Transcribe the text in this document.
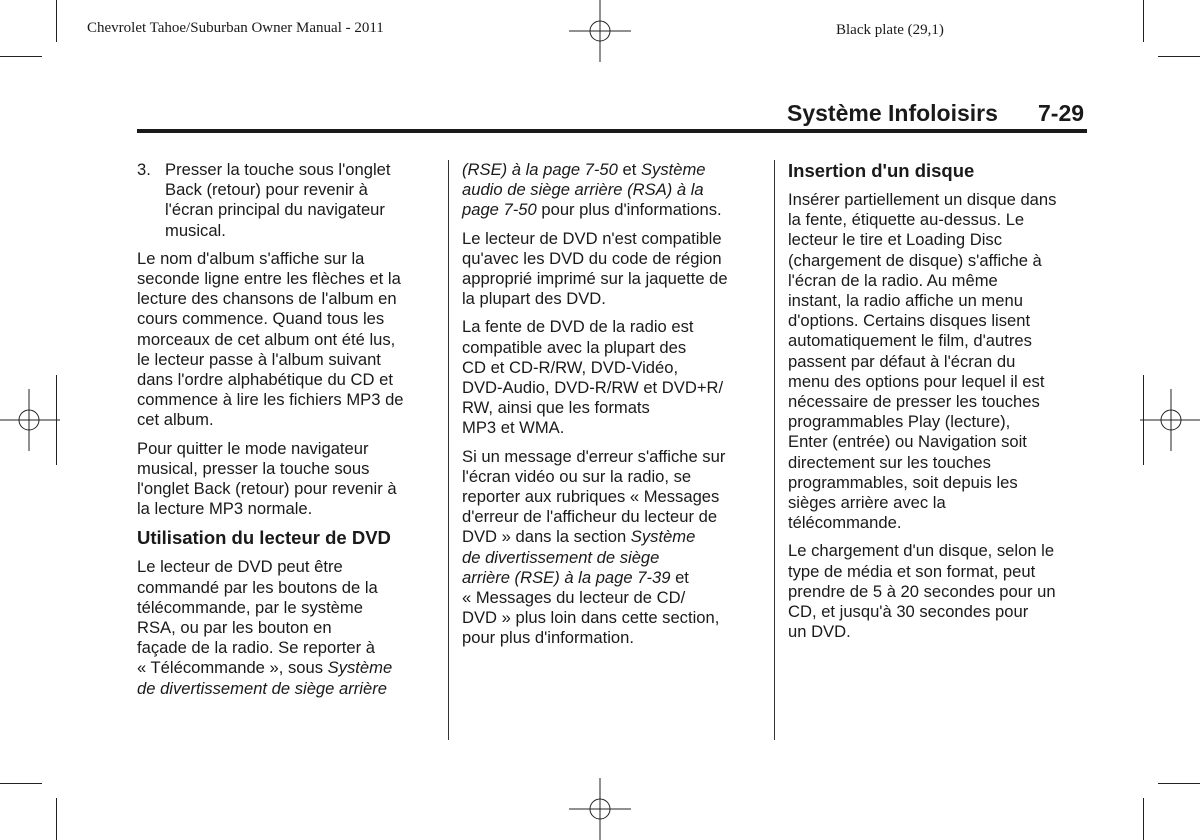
Chevrolet Tahoe/Suburban Owner Manual - 2011	Black plate (29,1)
Système Infoloisirs 7-29
3. Presser la touche sous l'onglet
Back (retour) pour revenir à
l'écran principal du navigateur
musical.

Le nom d'album s'affiche sur la
seconde ligne entre les flèches et la
lecture des chansons de l'album en
cours commence. Quand tous les
morceaux de cet album ont été lus,
le lecteur passe à l'album suivant
dans l'ordre alphabétique du CD et
commence à lire les fichiers MP3 de
cet album.

Pour quitter le mode navigateur
musical, presser la touche sous
l'onglet Back (retour) pour revenir à
la lecture MP3 normale.

Utilisation du lecteur de DVD

Le lecteur de DVD peut être
commandé par les boutons de la
télécommande, par le système
RSA, ou par les bouton en
façade de la radio. Se reporter à
« Télécommande », sous Système
de divertissement de siège arrière

(RSE) à la page 7-50 et Système
audio de siège arrière (RSA) à la
page 7-50 pour plus d'informations.

Le lecteur de DVD n'est compatible
qu'avec les DVD du code de région
approprié imprimé sur la jaquette de
la plupart des DVD.

La fente de DVD de la radio est
compatible avec la plupart des
CD et CD-R/RW, DVD-Vidéo,
DVD-Audio, DVD-R/RW et DVD+R/
RW, ainsi que les formats
MP3 et WMA.

Si un message d'erreur s'affiche sur
l'écran vidéo ou sur la radio, se
reporter aux rubriques « Messages
d'erreur de l'afficheur du lecteur de
DVD » dans la section Système
de divertissement de siège
arrière (RSE) à la page 7-39 et
« Messages du lecteur de CD/
DVD » plus loin dans cette section,
pour plus d'information.

Insertion d'un disque

Insérer partiellement un disque dans
la fente, étiquette au-dessus. Le
lecteur le tire et Loading Disc
(chargement de disque) s'affiche à
l'écran de la radio. Au même
instant, la radio affiche un menu
d'options. Certains disques lisent
automatiquement le film, d'autres
passent par défaut à l'écran du
menu des options pour lequel il est
nécessaire de presser les touches
programmables Play (lecture),
Enter (entrée) ou Navigation soit
directement sur les touches
programmables, soit depuis les
sièges arrière avec la
télécommande.

Le chargement d'un disque, selon le
type de média et son format, peut
prendre de 5 à 20 secondes pour un
CD, et jusqu'à 30 secondes pour
un DVD.
